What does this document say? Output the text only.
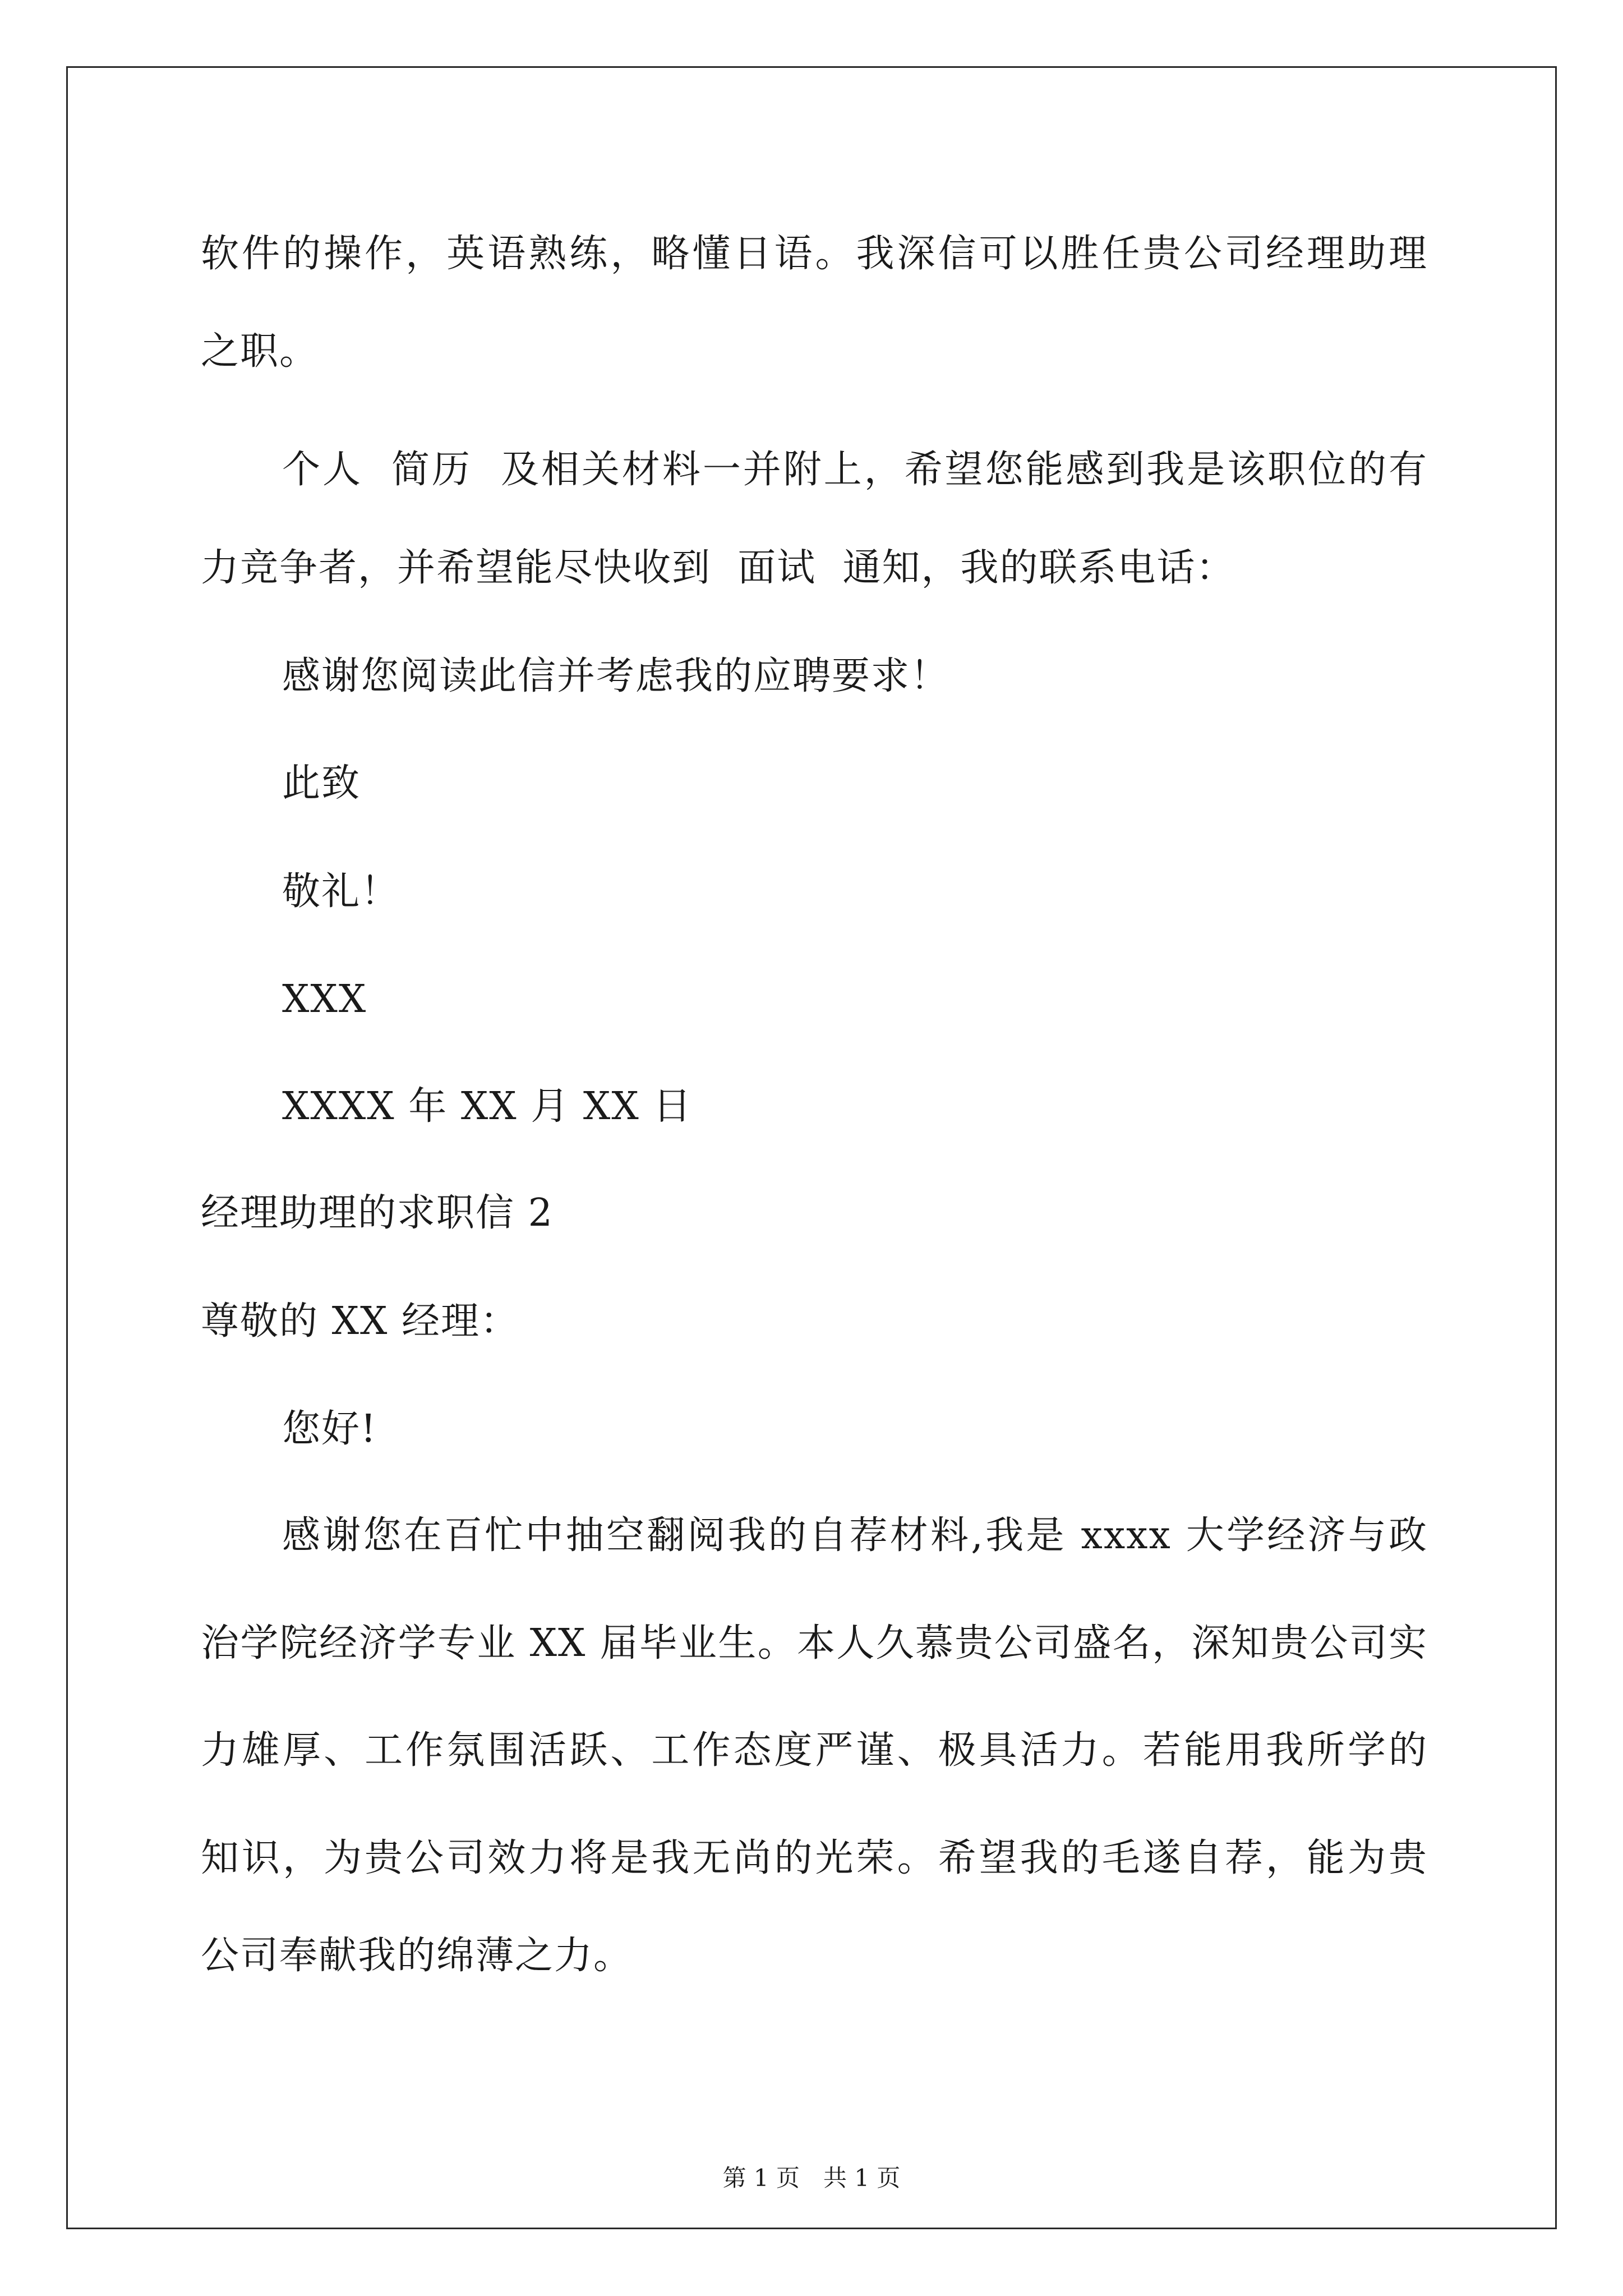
软件的操作，英语熟练，略懂日语。我深信可以胜任贵公司经理助理
之职。
个人  简历  及相关材料一并附上，希望您能感到我是该职位的有
力竞争者，并希望能尽快收到  面试  通知，我的联系电话：
感谢您阅读此信并考虑我的应聘要求！
此致
敬礼！
XXX
XXXX 年 XX 月 XX 日
经理助理的求职信 2
尊敬的 XX 经理：
您好!
感谢您在百忙中抽空翻阅我的自荐材料,我是 xxxx 大学经济与政
治学院经济学专业 XX 届毕业生。本人久慕贵公司盛名，深知贵公司实
力雄厚、工作氛围活跃、工作态度严谨、极具活力。若能用我所学的
知识，为贵公司效力将是我无尚的光荣。希望我的毛遂自荐，能为贵
公司奉献我的绵薄之力。
第 1 页　共 1 页
